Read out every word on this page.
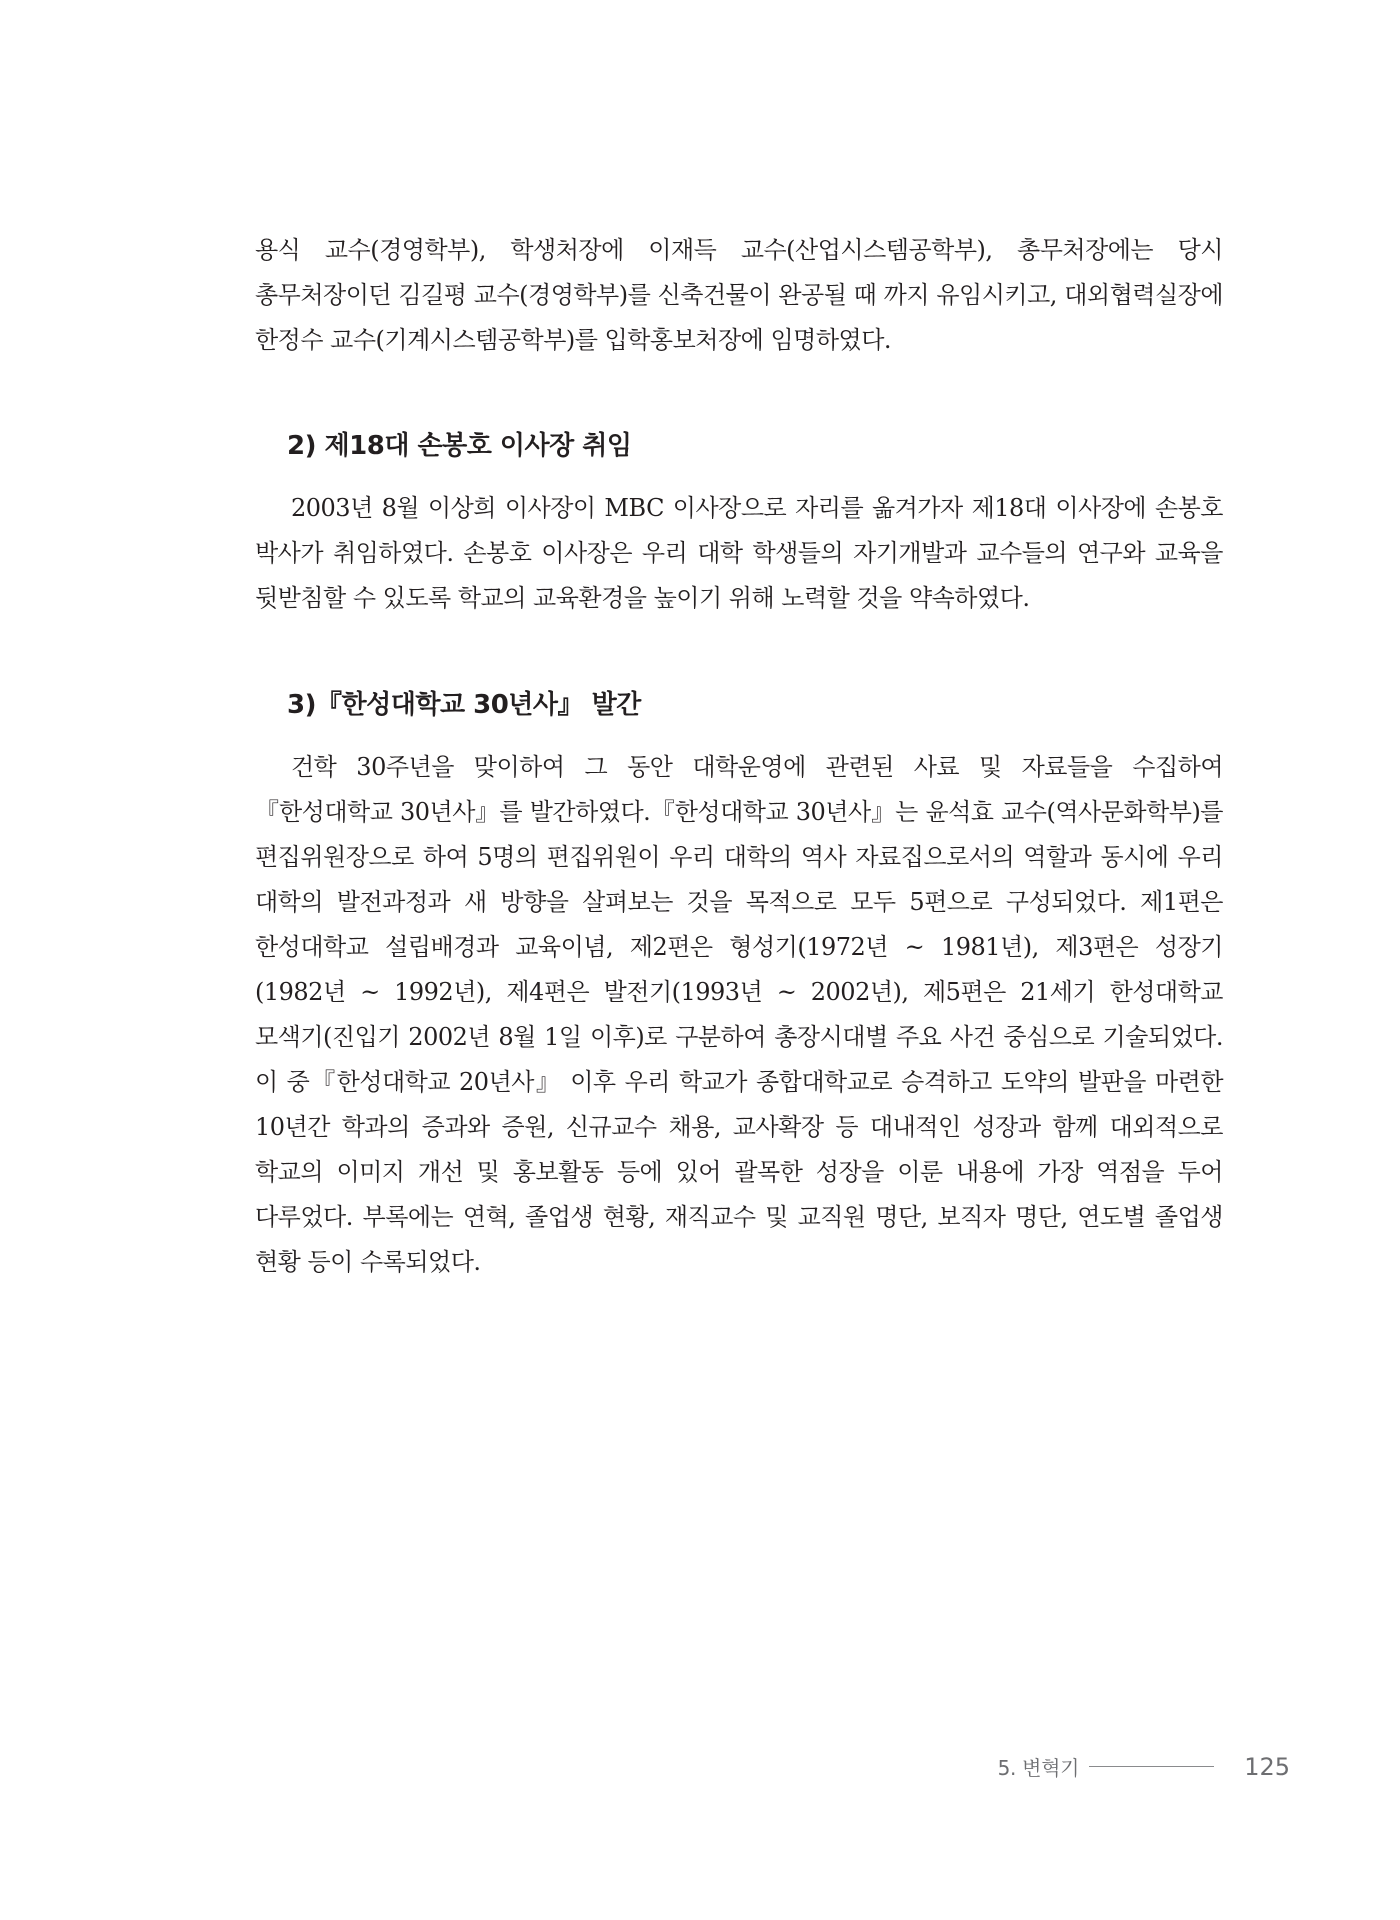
용식 교수(경영학부), 학생처장에 이재득 교수(산업시스템공학부), 총무처장에는 당시 총무처장이던 김길평 교수(경영학부)를 신축건물이 완공될 때 까지 유임시키고, 대외협력실장에 한정수 교수(기계시스템공학부)를 입학홍보처장에 임명하였다.

2) 제18대 손봉호 이사장 취임

2003년 8월 이상희 이사장이 MBC 이사장으로 자리를 옮겨가자 제18대 이사장에 손봉호 박사가 취임하였다. 손봉호 이사장은 우리 대학 학생들의 자기개발과 교수들의 연구와 교육을 뒷받침할 수 있도록 학교의 교육환경을 높이기 위해 노력할 것을 약속하였다.

3)『한성대학교 30년사』 발간

건학 30주년을 맞이하여 그 동안 대학운영에 관련된 사료 및 자료들을 수집하여『한성대학교 30년사』를 발간하였다.『한성대학교 30년사』는 윤석효 교수(역사문화학부)를 편집위원장으로 하여 5명의 편집위원이 우리 대학의 역사 자료집으로서의 역할과 동시에 우리 대학의 발전과정과 새 방향을 살펴보는 것을 목적으로 모두 5편으로 구성되었다. 제1편은 한성대학교 설립배경과 교육이념, 제2편은 형성기(1972년 ~ 1981년), 제3편은 성장기(1982년 ~ 1992년), 제4편은 발전기(1993년 ~ 2002년), 제5편은 21세기 한성대학교 모색기(진입기 2002년 8월 1일 이후)로 구분하여 총장시대별 주요 사건 중심으로 기술되었다. 이 중『한성대학교 20년사』 이후 우리 학교가 종합대학교로 승격하고 도약의 발판을 마련한 10년간 학과의 증과와 증원, 신규교수 채용, 교사확장 등 대내적인 성장과 함께 대외적으로 학교의 이미지 개선 및 홍보활동 등에 있어 괄목한 성장을 이룬 내용에 가장 역점을 두어 다루었다. 부록에는 연혁, 졸업생 현황, 재직교수 및 교직원 명단, 보직자 명단, 연도별 졸업생 현황 등이 수록되었다.

5. 변혁기	125
